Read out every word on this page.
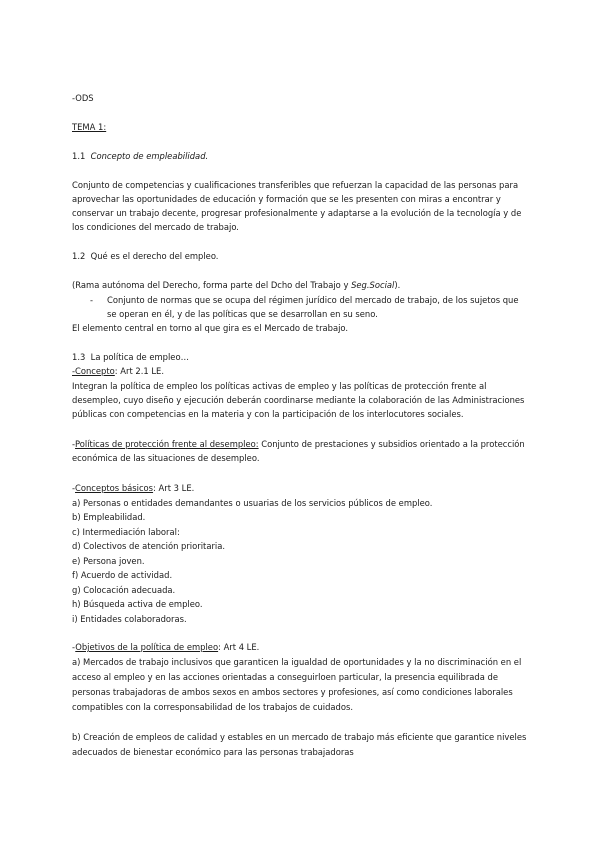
-ODS
TEMA 1:
1.1 Concepto de empleabilidad.
Conjunto de competencias y cualificaciones transferibles que refuerzan la capacidad de las personas para
aprovechar las oportunidades de educación y formación que se les presenten con miras a encontrar y
conservar un trabajo decente, progresar profesionalmente y adaptarse a la evolución de la tecnología y de
los condiciones del mercado de trabajo.
1.2 Qué es el derecho del empleo.
(Rama autónoma del Derecho, forma parte del Dcho del Trabajo y Seg.Social).
- Conjunto de normas que se ocupa del régimen jurídico del mercado de trabajo, de los sujetos que
se operan en él, y de las políticas que se desarrollan en su seno.
El elemento central en torno al que gira es el Mercado de trabajo.
1.3 La política de empleo…
-Concepto: Art 2.1 LE.
Integran la política de empleo los políticas activas de empleo y las políticas de protección frente al
desempleo, cuyo diseño y ejecución deberán coordinarse mediante la colaboración de las Administraciones
públicas con competencias en la materia y con la participación de los interlocutores sociales.
-Políticas de protección frente al desempleo: Conjunto de prestaciones y subsidios orientado a la protección
económica de las situaciones de desempleo.
-Conceptos básicos: Art 3 LE.
a) Personas o entidades demandantes o usuarias de los servicios públicos de empleo.
b) Empleabilidad.
c) Intermediación laboral:
d) Colectivos de atención prioritaria.
e) Persona joven.
f) Acuerdo de actividad.
g) Colocación adecuada.
h) Búsqueda activa de empleo.
i) Entidades colaboradoras.
-Objetivos de la política de empleo: Art 4 LE.
a) Mercados de trabajo inclusivos que garanticen la igualdad de oportunidades y la no discriminación en el
acceso al empleo y en las acciones orientadas a conseguirloen particular, la presencia equilibrada de
personas trabajadoras de ambos sexos en ambos sectores y profesiones, así como condiciones laborales
compatibles con la corresponsabilidad de los trabajos de cuidados.
b) Creación de empleos de calidad y estables en un mercado de trabajo más eficiente que garantice niveles
adecuados de bienestar económico para las personas trabajadoras
